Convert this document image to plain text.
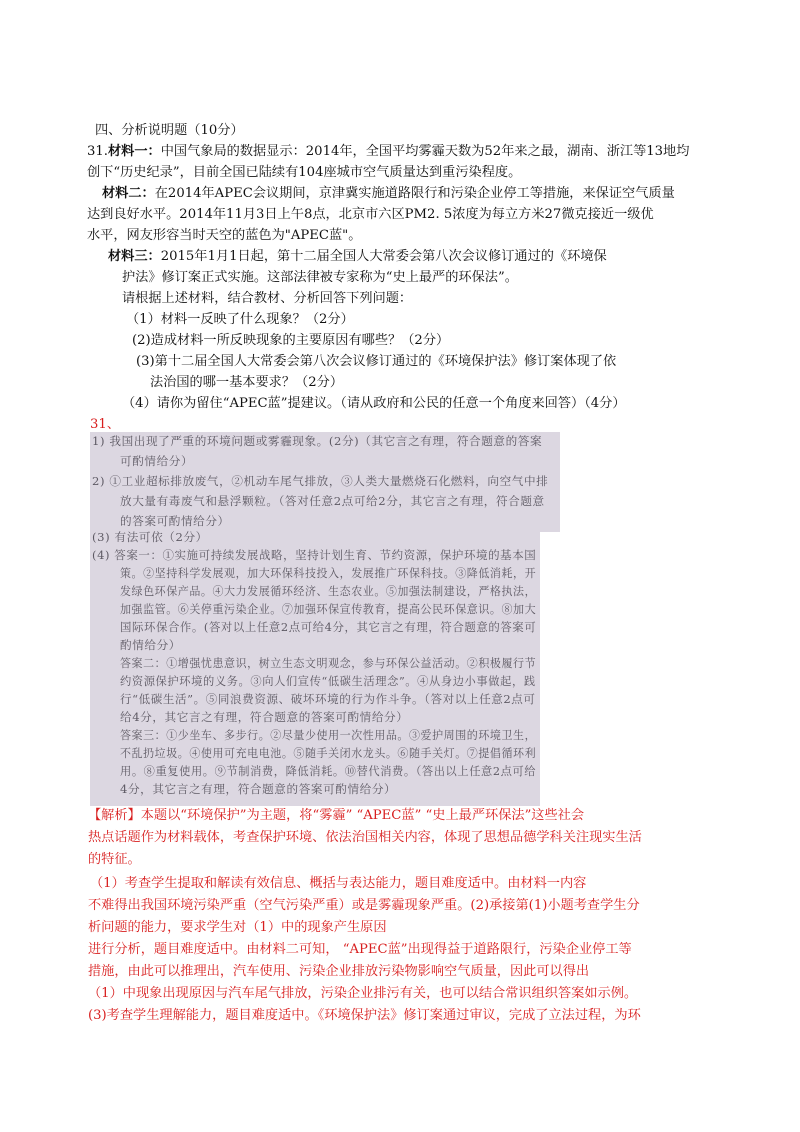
四、分析说明题（10分）
31.材料一：中国气象局的数据显示：2014年，全国平均雾霾天数为52年来之最，湖南、浙江等13地均
创下“历史纪录”，目前全国已陆续有104座城市空气质量达到重污染程度。
材料二：在2014年APEC会议期间，京津冀实施道路限行和污染企业停工等措施，来保证空气质量
达到良好水平。2014年11月3日上午8点，北京市六区PM2. 5浓度为每立方米27微克接近一级优
水平，网友形容当时天空的蓝色为"APEC蓝"。
材料三：2015年1月1日起，第十二届全国人大常委会第八次会议修订通过的《环境保
护法》修订案正式实施。这部法律被专家称为“史上最严的环保法”。
请根据上述材料，结合教材、分析回答下列问题：
（1）材料一反映了什么现象？（2分）
(2)造成材料一所反映现象的主要原因有哪些？（2分）
(3)第十二届全国人大常委会第八次会议修订通过的《环境保护法》修订案体现了依
法治国的哪一基本要求？（2分）
（4）请你为留住“APEC蓝”提建议。（请从政府和公民的任意一个角度来回答）（4分）
31、
1) 我国出现了严重的环境问题或雾霾现象。(2分)（其它言之有理，符合题意的答案
可酌情给分）
2) ①工业超标排放废气，②机动车尾气排放，③人类大量燃烧石化燃料，向空气中排
放大量有毒废气和悬浮颗粒。（答对任意2点可给2分，其它言之有理，符合题意
的答案可酌情给分）
(3) 有法可依（2分）
(4) 答案一：①实施可持续发展战略，坚持计划生育、节约资源，保护环境的基本国
策。②坚持科学发展观，加大环保科技投入，发展推广环保科技。③降低消耗，开
发绿色环保产品。④大力发展循环经济、生态农业。⑤加强法制建设，严格执法，
加强监管。⑥关停重污染企业。⑦加强环保宣传教育，提高公民环保意识。⑧加大
国际环保合作。(答对以上任意2点可给4分，其它言之有理，符合题意的答案可
酌情给分）
答案二：①增强忧患意识，树立生态文明观念，参与环保公益活动。②积极履行节
约资源保护环境的义务。③向人们宣传“低碳生活理念”。④从身边小事做起，践
行“低碳生活”。⑤同浪费资源、破坏环境的行为作斗争。（答对以上任意2点可
给4分，其它言之有理，符合题意的答案可酌情给分）
答案三：①少坐车、多步行。②尽量少使用一次性用品。③爱护周围的环境卫生，
不乱扔垃圾。④使用可充电电池。⑤随手关闭水龙头。⑥随手关灯。⑦提倡循环利
用。⑧重复使用。⑨节制消费，降低消耗。⑩替代消费。（答出以上任意2点可给
4分，其它言之有理，符合题意的答案可酌情给分）
【解析】本题以“环境保护”为主题，将“雾霾” “APEC蓝” “史上最严环保法”这些社会
热点话题作为材料载体，考查保护环境、依法治国相关内容，体现了思想品德学科关注现实生活
的特征。
（1）考查学生提取和解读有效信息、概括与表达能力，题目难度适中。由材料一内容
不难得出我国环境污染严重（空气污染严重）或是雾霾现象严重。(2)承接第(1)小题考查学生分
析问题的能力，要求学生对（1）中的现象产生原因
进行分析，题目难度适中。由材料二可知， “APEC蓝”出现得益于道路限行，污染企业停工等
措施，由此可以推理出，汽车使用、污染企业排放污染物影响空气质量，因此可以得出
（1）中现象出现原因与汽车尾气排放，污染企业排污有关，也可以结合常识组织答案如示例。
(3)考查学生理解能力，题目难度适中。《环境保护法》修订案通过审议，完成了立法过程，为环
